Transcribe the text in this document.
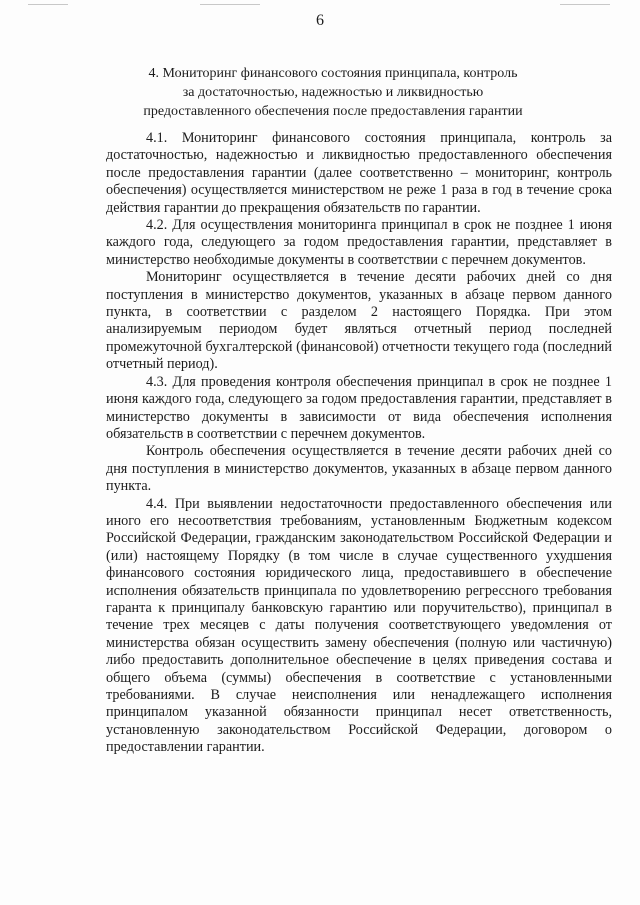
6
4. Мониторинг финансового состояния принципала, контроль
за достаточностью, надежностью и ликвидностью
предоставленного обеспечения после предоставления гарантии

4.1. Мониторинг финансового состояния принципала, контроль за достаточностью, надежностью и ликвидностью предоставленного обеспечения после предоставления гарантии (далее соответственно – мониторинг, контроль обеспечения) осуществляется министерством не реже 1 раза в год в течение срока действия гарантии до прекращения обязательств по гарантии.

4.2. Для осуществления мониторинга принципал в срок не позднее 1 июня каждого года, следующего за годом предоставления гарантии, представляет в министерство необходимые документы в соответствии с перечнем документов.

Мониторинг осуществляется в течение десяти рабочих дней со дня поступления в министерство документов, указанных в абзаце первом данного пункта, в соответствии с разделом 2 настоящего Порядка. При этом анализируемым периодом будет являться отчетный период последней промежуточной бухгалтерской (финансовой) отчетности текущего года (последний отчетный период).

4.3. Для проведения контроля обеспечения принципал в срок не позднее 1 июня каждого года, следующего за годом предоставления гарантии, представляет в министерство документы в зависимости от вида обеспечения исполнения обязательств в соответствии с перечнем документов.

Контроль обеспечения осуществляется в течение десяти рабочих дней со дня поступления в министерство документов, указанных в абзаце первом данного пункта.

4.4. При выявлении недостаточности предоставленного обеспечения или иного его несоответствия требованиям, установленным Бюджетным кодексом Российской Федерации, гражданским законодательством Российской Федерации и (или) настоящему Порядку (в том числе в случае существенного ухудшения финансового состояния юридического лица, предоставившего в обеспечение исполнения обязательств принципала по удовлетворению регрессного требования гаранта к принципалу банковскую гарантию или поручительство), принципал в течение трех месяцев с даты получения соответствующего уведомления от министерства обязан осуществить замену обеспечения (полную или частичную) либо предоставить дополнительное обеспечение в целях приведения состава и общего объема (суммы) обеспечения в соответствие с установленными требованиями. В случае неисполнения или ненадлежащего исполнения принципалом указанной обязанности принципал несет ответственность, установленную законодательством Российской Федерации, договором о предоставлении гарантии.
